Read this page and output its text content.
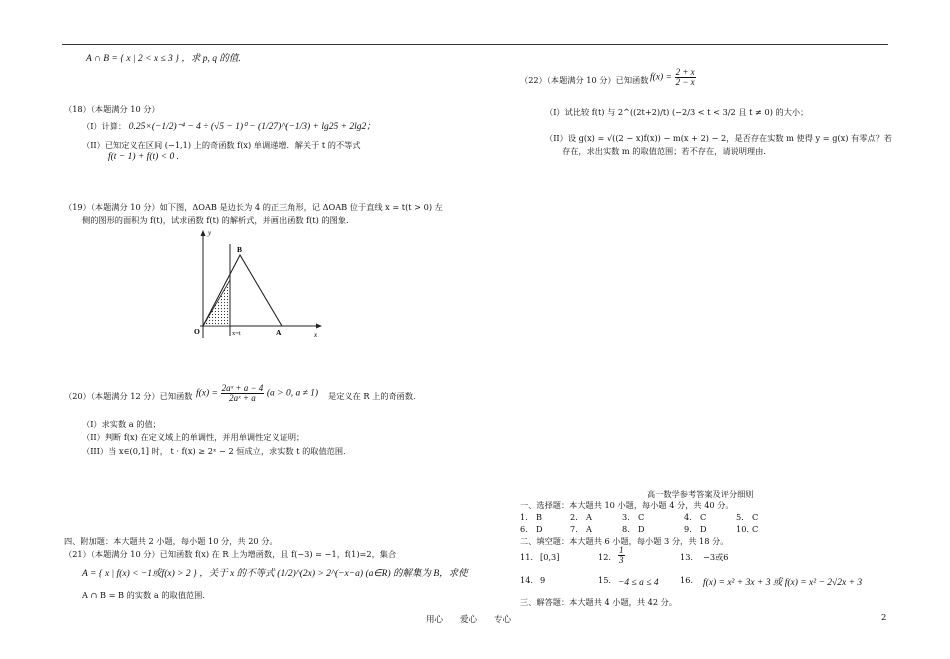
A ∩ B = { x | 2 < x ≤ 3 } ，求 p, q 的值.
（18）（本题满分 10 分）
（I）计算： 0.25×(−1/2)⁻⁴ − 4 ÷ (√5 − 1)⁰ − (1/27)^(−1/3) + lg25 + 2lg2；
（II）已知定义在区间 (−1,1) 上的奇函数 f(x) 单调递增．解关于 t 的不等式
f(t − 1) + f(t) < 0 .
（19）（本题满分 10 分）如下图，ΔOAB 是边长为 4 的正三角形，记 ΔOAB 位于直线 x = t(t > 0) 左
侧的图形的面积为 f(t)，试求函数 f(t) 的解析式，并画出函数 f(t) 的图象.
y
x
O	A
B
x=t
（20）（本题满分 12 分）已知函数 $f(x) = \frac{\text{2aˣ + a − 4}}{\text{2aˣ + a}} (a > 0$, a ≠ 1) 是定义在 R 上的奇函数.
（I）求实数 a 的值；
（II）判断 f(x) 在定义域上的单调性，并用单调性定义证明；
（III）当 x∈(0,1] 时， t · f(x) ≥ 2ˣ − 2 恒成立，求实数 t 的取值范围.
四、附加题：本大题共 2 小题，每小题 10 分，共 20 分。
（21）（本题满分 10 分）已知函数 f(x) 在 R 上为增函数，且 f(−3) = −1，f(1)=2，集合
A = { x | f(x) < −1或f(x) > 2 } ，关于 x 的不等式 (1/2)^(2x) > 2^(−x−a) (a∈R) 的解集为 B，求使
A ∩ B = B 的实数 a 的取值范围.
（22）（本题满分 10 分）已知函数 $f(x) = \frac{2 + x}{2 - x}$
（I）试比较 f(t) 与 2^((2t+2)/t) (−2/3 < t < 3/2 且 t ≠ 0) 的大小；
（II）设 g(x) = √((2 − x)f(x)) − m(x + 2) − 2，是否存在实数 m 使得 y = g(x) 有零点？若
存在，求出实数 m 的取值范围；若不存在，请说明理由.
高一数学参考答案及评分细则
一、选择题：本大题共 10 小题，每小题 4 分，共 40 分。
1. B	2. A	3. C	4. C	5. C
6. D	7. A	8. D	9. D	10. C
二、填空题：本大题共 6 小题，每小题 3 分，共 18 分。
11. [0,3]	12. $\frac{1}{3}$	13. −3或6
14. 9	15. −4 ≤ a ≤ 4	16. f(x) = x² + 3x + 3 或 f(x) = x² − 2√2x + 3
三、解答题：本大题共 4 小题，共 42 分。
用心　　爱心　　专心	2
